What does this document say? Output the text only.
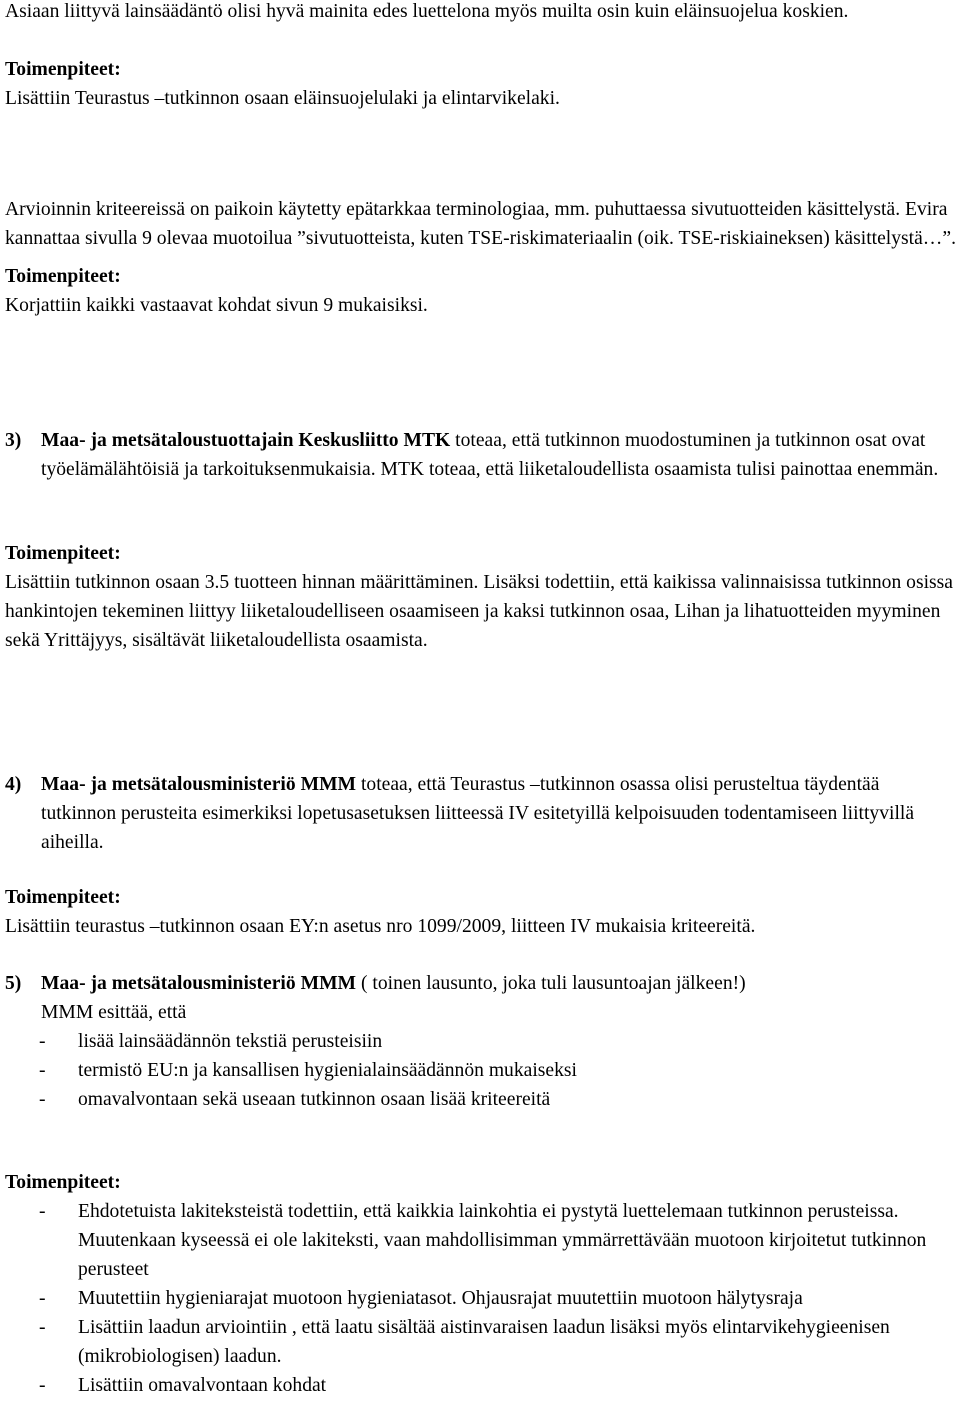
Asiaan liittyvä lainsäädäntö olisi hyvä mainita edes luettelona myös muilta osin kuin eläinsuojelua koskien.

Toimenpiteet:

Lisättiin Teurastus –tutkinnon osaan eläinsuojelulaki ja elintarvikelaki.

Arvioinnin kriteereissä on paikoin käytetty epätarkkaa terminologiaa, mm. puhuttaessa sivutuotteiden käsittelystä. Evira kannattaa sivulla 9 olevaa muotoilua ”sivutuotteista, kuten TSE-riskimateriaalin (oik. TSE-riskiaineksen) käsittelystä…”.

Toimenpiteet:

Korjattiin kaikki vastaavat kohdat sivun 9 mukaisiksi.

3)	Maa- ja metsätaloustuottajain Keskusliitto MTK toteaa, että tutkinnon muodostuminen ja tutkinnon osat ovat työelämälähtöisiä ja tarkoituksenmukaisia. MTK toteaa, että liiketaloudellista osaamista tulisi painottaa enemmän.

Toimenpiteet:

Lisättiin tutkinnon osaan 3.5 tuotteen hinnan määrittäminen. Lisäksi todettiin, että kaikissa valinnaisissa tutkinnon osissa hankintojen tekeminen liittyy liiketaloudelliseen osaamiseen ja kaksi tutkinnon osaa, Lihan ja lihatuotteiden myyminen sekä Yrittäjyys, sisältävät liiketaloudellista osaamista.

4)	Maa- ja metsätalousministeriö MMM toteaa, että Teurastus –tutkinnon osassa olisi perusteltua täydentää tutkinnon perusteita esimerkiksi lopetusasetuksen liitteessä IV esitetyillä kelpoisuuden todentamiseen liittyvillä aiheilla.

Toimenpiteet:

Lisättiin teurastus –tutkinnon osaan EY:n asetus nro 1099/2009, liitteen IV mukaisia kriteereitä.

5)	Maa- ja metsätalousministeriö MMM ( toinen lausunto, joka tuli lausuntoajan jälkeen!)
MMM esittää, että
- lisää lainsäädännön tekstiä perusteisiin
- termistö EU:n ja kansallisen hygienialainsäädännön mukaiseksi
- omavalvontaan sekä useaan tutkinnon osaan lisää kriteereitä

Toimenpiteet:

- Ehdotetuista lakiteksteistä todettiin, että kaikkia lainkohtia ei pystytä luettelemaan tutkinnon perusteissa. Muutenkaan kyseessä ei ole lakiteksti, vaan mahdollisimman ymmärrettävään muotoon kirjoitetut tutkinnon perusteet
- Muutettiin hygieniarajat muotoon hygieniatasot. Ohjausrajat muutettiin muotoon hälytysraja
- Lisättiin laadun arviointiin , että laatu sisältää aistinvaraisen laadun lisäksi myös elintarvikehygieenisen (mikrobiologisen) laadun.
- Lisättiin omavalvontaan kohdat
